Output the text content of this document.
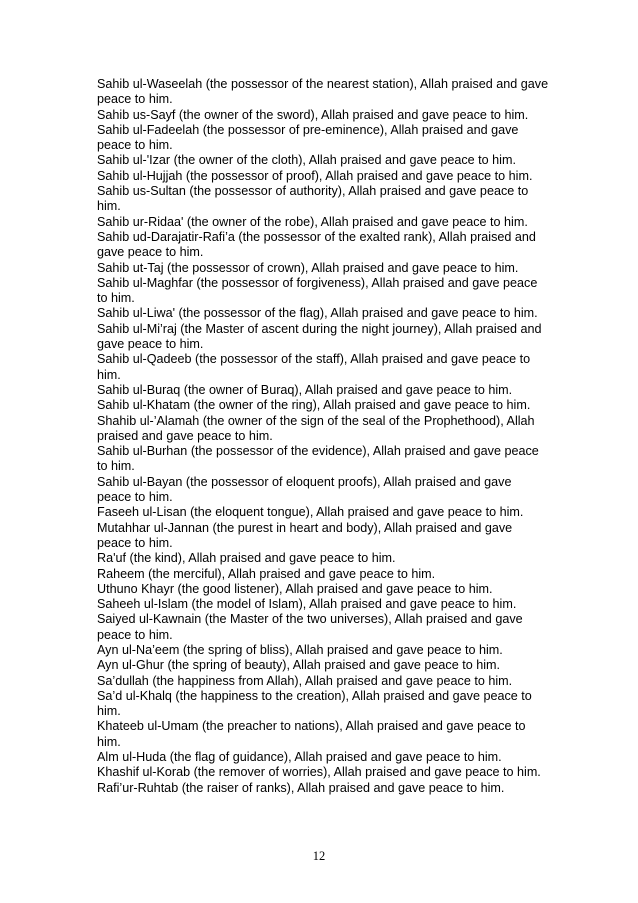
Sahib ul-Waseelah (the possessor of the nearest station), Allah praised and gave peace to him.

Sahib us-Sayf (the owner of the sword), Allah praised and gave peace to him.

Sahib ul-Fadeelah (the possessor of pre-eminence), Allah praised and gave peace to him.

Sahib ul-'Izar (the owner of the cloth), Allah praised and gave peace to him.

Sahib ul-Hujjah (the possessor of proof), Allah praised and gave peace to him.

Sahib us-Sultan (the possessor of authority), Allah praised and gave peace to him.

Sahib ur-Ridaa' (the owner of the robe), Allah praised and gave peace to him.

Sahib ud-Darajatir-Rafi’a (the possessor of the exalted rank), Allah praised and gave peace to him.

Sahib ut-Taj (the possessor of crown), Allah praised and gave peace to him.

Sahib ul-Maghfar (the possessor of forgiveness), Allah praised and gave peace to him.

Sahib ul-Liwa' (the possessor of the flag), Allah praised and gave peace to him.

Sahib ul-Mi’raj (the Master of ascent during the night journey), Allah praised and gave peace to him.

Sahib ul-Qadeeb (the possessor of the staff), Allah praised and gave peace to him.

Sahib ul-Buraq (the owner of Buraq), Allah praised and gave peace to him.

Sahib ul-Khatam (the owner of the ring), Allah praised and gave peace to him.

Shahib ul-’Alamah (the owner of the sign of the seal of the Prophethood), Allah praised and gave peace to him.

Sahib ul-Burhan (the possessor of the evidence), Allah praised and gave peace to him.

Sahib ul-Bayan (the possessor of eloquent proofs), Allah praised and gave peace to him.

Faseeh ul-Lisan (the eloquent tongue), Allah praised and gave peace to him.

Mutahhar ul-Jannan (the purest in heart and body), Allah praised and gave peace to him.

Ra'uf (the kind), Allah praised and gave peace to him.

Raheem (the merciful), Allah praised and gave peace to him.

Uthuno Khayr (the good listener), Allah praised and gave peace to him.

Saheeh ul-Islam (the model of Islam), Allah praised and gave peace to him.

Saiyed ul-Kawnain (the Master of the two universes), Allah praised and gave peace to him.

Ayn ul-Na’eem (the spring of bliss), Allah praised and gave peace to him.

Ayn ul-Ghur (the spring of beauty), Allah praised and gave peace to him.

Sa’dullah (the happiness from Allah), Allah praised and gave peace to him.

Sa’d ul-Khalq (the happiness to the creation), Allah praised and gave peace to him.

Khateeb ul-Umam (the preacher to nations), Allah praised and gave peace to him.

Alm ul-Huda (the flag of guidance), Allah praised and gave peace to him.

Khashif ul-Korab (the remover of worries), Allah praised and gave peace to him.

Rafi’ur-Ruhtab (the raiser of ranks), Allah praised and gave peace to him.

12
